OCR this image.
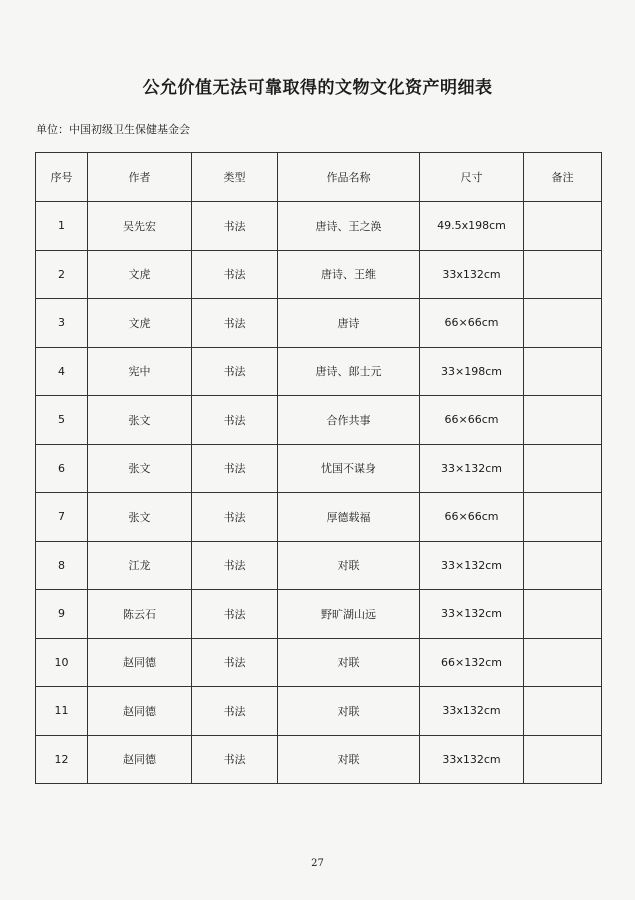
公允价值无法可靠取得的文物文化资产明细表
单位：中国初级卫生保健基金会
序号	作者	类型	作品名称	尺寸	备注
1	吴先宏	书法	唐诗、王之涣	49.5x198cm	
2	文虎	书法	唐诗、王维	33x132cm	
3	文虎	书法	唐诗	66×66cm	
4	宪中	书法	唐诗、郎士元	33×198cm	
5	张文	书法	合作共事	66×66cm	
6	张文	书法	忧国不谋身	33×132cm	
7	张文	书法	厚德载福	66×66cm	
8	江龙	书法	对联	33×132cm	
9	陈云石	书法	野旷湖山远	33×132cm	
10	赵同德	书法	对联	66×132cm	
11	赵同德	书法	对联	33x132cm	
12	赵同德	书法	对联	33x132cm	
27
